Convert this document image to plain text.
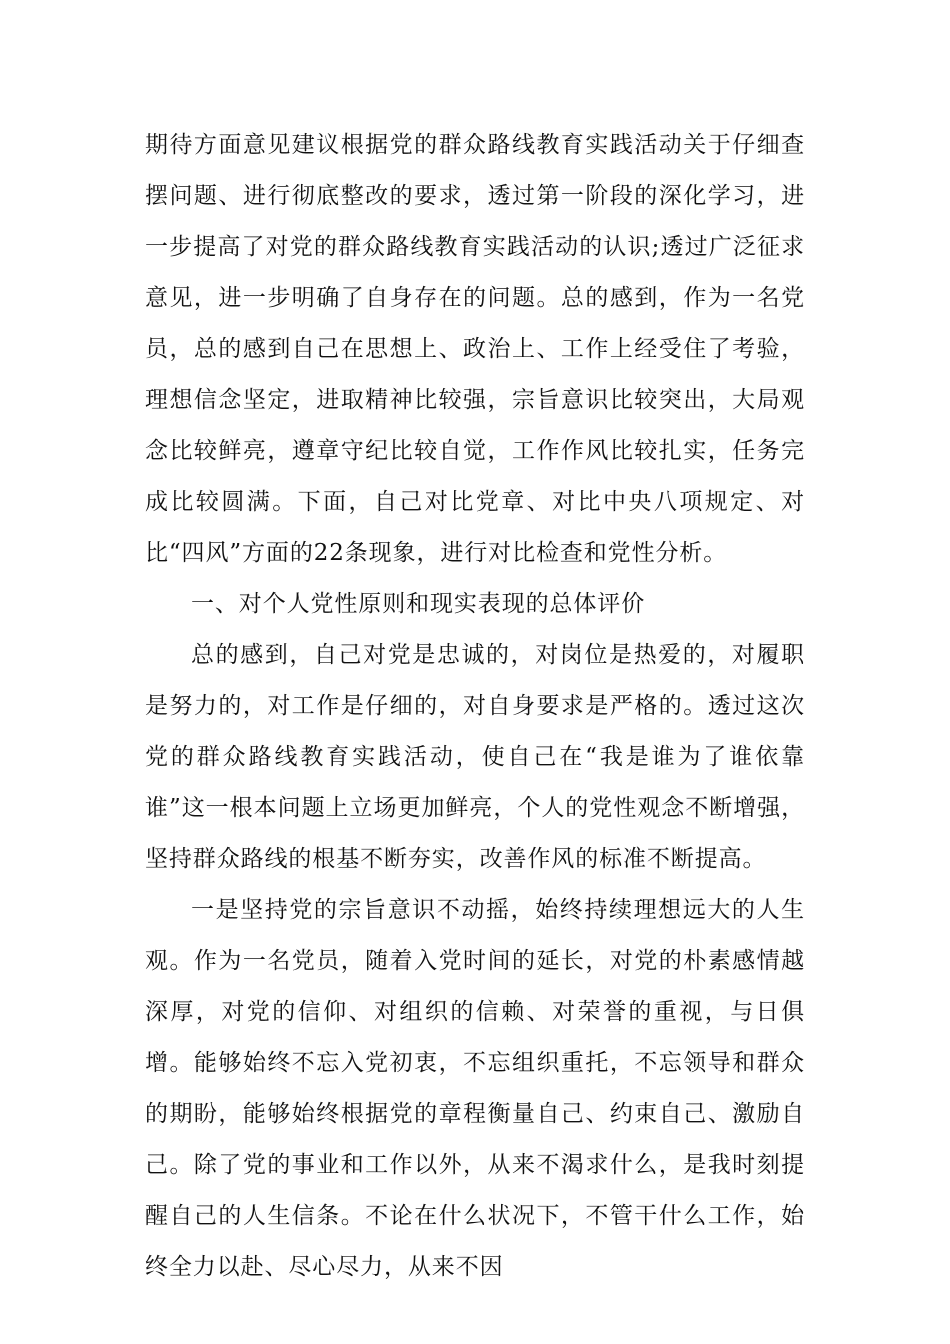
期待方面意见建议根据党的群众路线教育实践活动关于仔细查摆问题、进行彻底整改的要求，透过第一阶段的深化学习，进一步提高了对党的群众路线教育实践活动的认识;透过广泛征求意见，进一步明确了自身存在的问题。总的感到，作为一名党员，总的感到自己在思想上、政治上、工作上经受住了考验，理想信念坚定，进取精神比较强，宗旨意识比较突出，大局观念比较鲜亮，遵章守纪比较自觉，工作作风比较扎实，任务完成比较圆满。下面，自己对比党章、对比中央八项规定、对比“四风”方面的22条现象，进行对比检查和党性分析。

一、对个人党性原则和现实表现的总体评价

总的感到，自己对党是忠诚的，对岗位是热爱的，对履职是努力的，对工作是仔细的，对自身要求是严格的。透过这次党的群众路线教育实践活动，使自己在“我是谁为了谁依靠谁”这一根本问题上立场更加鲜亮，个人的党性观念不断增强，坚持群众路线的根基不断夯实，改善作风的标准不断提高。

一是坚持党的宗旨意识不动摇，始终持续理想远大的人生观。作为一名党员，随着入党时间的延长，对党的朴素感情越深厚，对党的信仰、对组织的信赖、对荣誉的重视，与日俱增。能够始终不忘入党初衷，不忘组织重托，不忘领导和群众的期盼，能够始终根据党的章程衡量自己、约束自己、激励自己。除了党的事业和工作以外，从来不渴求什么，是我时刻提醒自己的人生信条。不论在什么状况下，不管干什么工作，始终全力以赴、尽心尽力，从来不因
